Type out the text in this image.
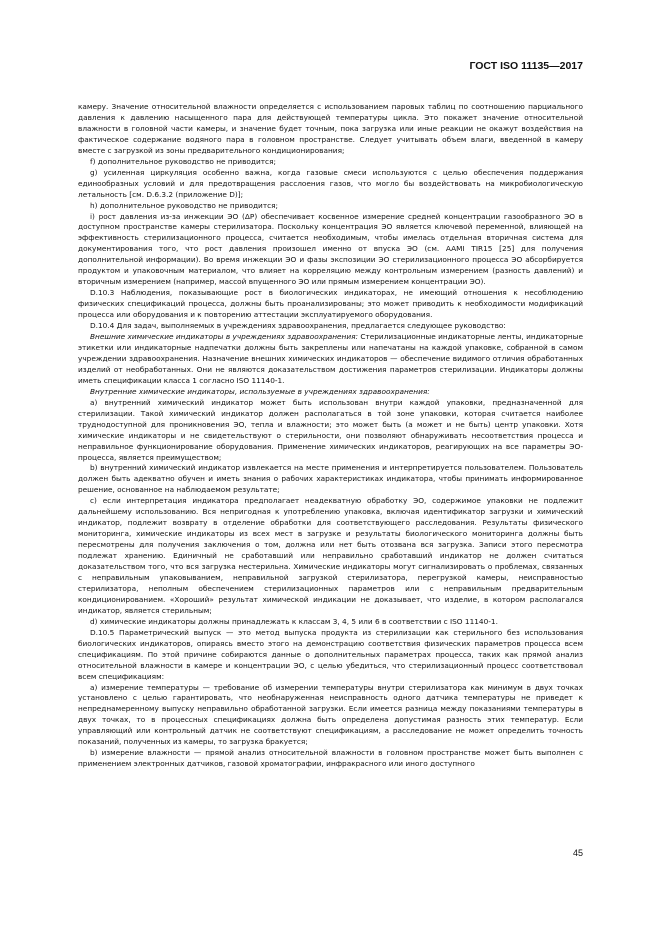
ГОСТ ISO 11135—2017

камеру. Значение относительной влажности определяется с использованием паровых таблиц по соотношению парциального давления к давлению насыщенного пара для действующей температуры цикла. Это покажет значение относительной влажности в головной части камеры, и значение будет точным, пока загрузка или иные реакции не окажут воздействия на фактическое содержание водяного пара в головном пространстве. Следует учитывать объем влаги, введенной в камеру вместе с загрузкой из зоны предварительного кондиционирования;

f) дополнительное руководство не приводится;

g) усиленная циркуляция особенно важна, когда газовые смеси используются с целью обеспечения поддержания единообразных условий и для предотвращения расслоения газов, что могло бы воздействовать на микробиологическую летальность [см. D.6.3.2 (приложение D)];

h) дополнительное руководство не приводится;

i) рост давления из-за инжекции ЭО (ΔP) обеспечивает косвенное измерение средней концентрации газообразного ЭО в доступном пространстве камеры стерилизатора. Поскольку концентрация ЭО является ключевой переменной, влияющей на эффективность стерилизационного процесса, считается необходимым, чтобы имелась отдельная вторичная система для документирования того, что рост давления произошел именно от впуска ЭО (см. AAMI TIR15 [25] для получения дополнительной информации). Во время инжекции ЭО и фазы экспозиции ЭО стерилизационного процесса ЭО абсорбируется продуктом и упаковочным материалом, что влияет на корреляцию между контрольным измерением (разность давлений) и вторичным измерением (например, массой впущенного ЭО или прямым измерением концентрации ЭО).

D.10.3 Наблюдения, показывающие рост в биологических индикаторах, не имеющий отношения к несоблюдению физических спецификаций процесса, должны быть проанализированы; это может приводить к необходимости модификаций процесса или оборудования и к повторению аттестации эксплуатируемого оборудования.

D.10.4 Для задач, выполняемых в учреждениях здравоохранения, предлагается следующее руководство:

Внешние химические индикаторы в учреждениях здравоохранения: Стерилизационные индикаторные ленты, индикаторные этикетки или индикаторные надпечатки должны быть закреплены или напечатаны на каждой упаковке, собранной в самом учреждении здравоохранения. Назначение внешних химических индикаторов — обеспечение видимого отличия обработанных изделий от необработанных. Они не являются доказательством достижения параметров стерилизации. Индикаторы должны иметь спецификации класса 1 согласно ISO 11140-1.

Внутренние химические индикаторы, используемые в учреждениях здравоохранения:

a) внутренний химический индикатор может быть использован внутри каждой упаковки, предназначенной для стерилизации. Такой химический индикатор должен располагаться в той зоне упаковки, которая считается наиболее труднодоступной для проникновения ЭО, тепла и влажности; это может быть (а может и не быть) центр упаковки. Хотя химические индикаторы и не свидетельствуют о стерильности, они позволяют обнаруживать несоответствия процесса и неправильное функционирование оборудования. Применение химических индикаторов, реагирующих на все параметры ЭО-процесса, является преимуществом;

b) внутренний химический индикатор извлекается на месте применения и интерпретируется пользователем. Пользователь должен быть адекватно обучен и иметь знания о рабочих характеристиках индикатора, чтобы принимать информированное решение, основанное на наблюдаемом результате;

c) если интерпретация индикатора предполагает неадекватную обработку ЭО, содержимое упаковки не подлежит дальнейшему использованию. Вся непригодная к употреблению упаковка, включая идентификатор загрузки и химический индикатор, подлежит возврату в отделение обработки для соответствующего расследования. Результаты физического мониторинга, химические индикаторы из всех мест в загрузке и результаты биологического мониторинга должны быть пересмотрены для получения заключения о том, должна или нет быть отозвана вся загрузка. Записи этого пересмотра подлежат хранению. Единичный не сработавший или неправильно сработавший индикатор не должен считаться доказательством того, что вся загрузка нестерильна. Химические индикаторы могут сигнализировать о проблемах, связанных с неправильным упаковыванием, неправильной загрузкой стерилизатора, перегрузкой камеры, неисправностью стерилизатора, неполным обеспечением стерилизационных параметров или с неправильным предварительным кондиционированием. «Хороший» результат химической индикации не доказывает, что изделие, в котором располагался индикатор, является стерильным;

d) химические индикаторы должны принадлежать к классам 3, 4, 5 или 6 в соответствии с ISO 11140-1.

D.10.5 Параметрический выпуск — это метод выпуска продукта из стерилизации как стерильного без использования биологических индикаторов, опираясь вместо этого на демонстрацию соответствия физических параметров процесса всем спецификациям. По этой причине собираются данные о дополнительных параметрах процесса, таких как прямой анализ относительной влажности в камере и концентрации ЭО, с целью убедиться, что стерилизационный процесс соответствовал всем спецификациям:

a) измерение температуры — требование об измерении температуры внутри стерилизатора как минимум в двух точках установлено с целью гарантировать, что необнаруженная неисправность одного датчика температуры не приведет к непреднамеренному выпуску неправильно обработанной загрузки. Если имеется разница между показаниями температуры в двух точках, то в процессных спецификациях должна быть определена допустимая разность этих температур. Если управляющий или контрольный датчик не соответствуют спецификациям, а расследование не может определить точность показаний, полученных из камеры, то загрузка бракуется;

b) измерение влажности — прямой анализ относительной влажности в головном пространстве может быть выполнен с применением электронных датчиков, газовой хроматографии, инфракрасного или иного доступного

45
